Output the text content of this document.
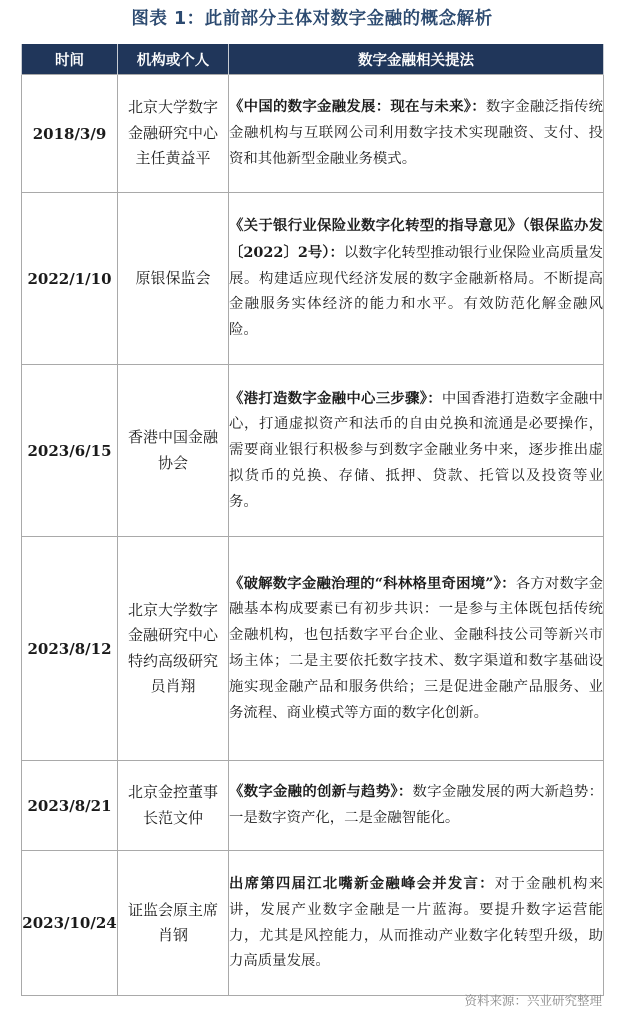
图表 1：此前部分主体对数字金融的概念解析
时间	机构或个人	数字金融相关提法
2018/3/9	北京大学数字金融研究中心主任黄益平	《中国的数字金融发展：现在与未来》：数字金融泛指传统金融机构与互联网公司利用数字技术实现融资、支付、投资和其他新型金融业务模式。
2022/1/10	原银保监会	《关于银行业保险业数字化转型的指导意见》（银保监办发〔2022〕2号）：以数字化转型推动银行业保险业高质量发展。构建适应现代经济发展的数字金融新格局。不断提高金融服务实体经济的能力和水平。有效防范化解金融风险。
2023/6/15	香港中国金融协会	《港打造数字金融中心三步骤》：中国香港打造数字金融中心，打通虚拟资产和法币的自由兑换和流通是必要操作，需要商业银行积极参与到数字金融业务中来，逐步推出虚拟货币的兑换、存储、抵押、贷款、托管以及投资等业务。
2023/8/12	北京大学数字金融研究中心特约高级研究员肖翔	《破解数字金融治理的“科林格里奇困境”》：各方对数字金融基本构成要素已有初步共识：一是参与主体既包括传统金融机构，也包括数字平台企业、金融科技公司等新兴市场主体；二是主要依托数字技术、数字渠道和数字基础设施实现金融产品和服务供给；三是促进金融产品服务、业务流程、商业模式等方面的数字化创新。
2023/8/21	北京金控董事长范文仲	《数字金融的创新与趋势》：数字金融发展的两大新趋势：一是数字资产化，二是金融智能化。
2023/10/24	证监会原主席肖钢	出席第四届江北嘴新金融峰会并发言：对于金融机构来讲，发展产业数字金融是一片蓝海。要提升数字运营能力，尤其是风控能力，从而推动产业数字化转型升级，助力高质量发展。
资料来源：兴业研究整理
